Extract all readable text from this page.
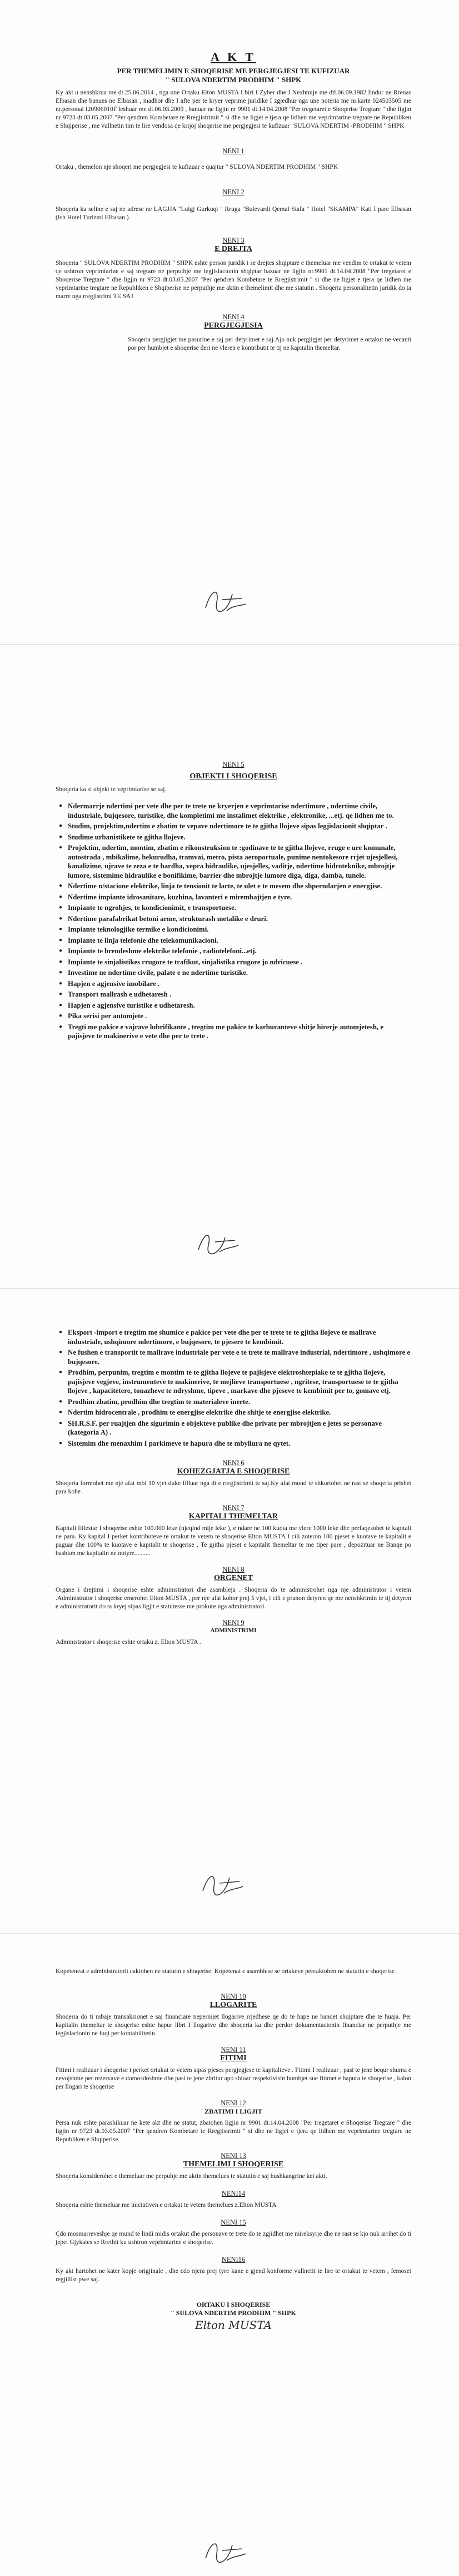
A K T
PER THEMELIMIN E SHOQERISE ME PERGJEGJESI TE KUFIZUAR
" SULOVA NDERTIM PRODHIM " SHPK

Ky akt u nenshkrua me dt.25.06.2014 , nga une Ortaku Elton MUSTA I biri I Zyber dhe I Nexhmije me dtl.06.09.1982 lindur ne Rrenas Elbasan dhe banues ne Elbasan , madhor dhe I afte per te kryer veprime juridike I zgjedhur nga une noteria me nr.karte 024503505 me nr.personal I20906010F leshuar me dt.06.03.2009 , banuar ne ligjin nr 9901 dt.14.04.2008 "Per tregetaret e Shoqerise Tregtare " dhe ligjin nr 9723 dt.03.05.2007 "Per qendren Kombetare te Rregjistrimit " si dhe ne ligjet e tjera qe lidhen me veprimtarine tregtare ne Republiken e Shqiperise , me vullnetin tim te lire vendosa qe krijoj shoqerise me pergjegjesi te kufizuar "SULOVA NDERTIM -PRODHIM " SHPK

NENI 1

Ortaku , themelon nje shoqeri me pergjegjesi te kufizuar e quajtur " SULOVA NDERTIM PRODHIM " SHPK

NENI 2

Shoqeria ka seline e saj ne adrese ne LAGJJA "Luigj Gurkuqi " Rruga "Bulevardi Qemal Stafa " Hotel "SKAMPA" Kati I pare Elbasan (Ish Hotel Turizmi Elbasan ).

NENI 3
E DREJTA

Shoqeria " SULOVA NDERTIM PRODHIM " SHPK eshte person juridik i se drejtes shqiptare e themeluar me vendim te ortakut te vetem qe ushtron veprimtarine e saj tregtare ne perputhje me legjislacionin shqiptar bazuar ne ligjin nr.9901 dt.14.04.2008 "Per tregetaret e Shoqerise Tregtare " dhe ligjin nr 9723 dt.03.05.2007 "Per qendren Kombetare te Rregjistrimit " si dhe ne ligjet e tjera qe lidhen me veprimtarine tregtare ne Republiken e Shqiperise ne perputhje me aktin e themelimit dhe me statutin . Shoqeria personalitetin juridik do ta marre nga rregjistrimi TE SAJ

NENI 4
PERGJEGJESIA

Shoqeria pergjigjet me pasurine e saj per detyrimet e saj.Ajo nuk pergjigjet per detyrimet e ortakut ne vecanti por per humbjet e shoqerise deri ne vleren e kontributit te tij ne kapitalin themeltar.

NENI 5
OBJEKTI I SHOQERISE

Shoqeria ka si objekt te veprimtarise se saj.

● Ndermarrje ndertimi per vete dhe per te trete ne kryerjen e veprimtarise ndertimore , ndertime civile, industriale, bujqesore, turistike, dhe kompletimi me instalimet elektrike , elektronike, ...etj. qe lidhen me to.
● Studim, projektim,ndertim e zbatim te vepave ndertimore te te gjitha llojeve sipas legjislacionit shqiptar .
● Studime urbanistikete te gjitha llojeve.
● Projektim, ndertim, montim, zbatim e rikonstruksion te :godinave te te gjitha llojeve, rruge e ure komunale, autostrada , mbikalime, hekurudha, tramvai, metro, pista aeroportuale, punime nentokesore rrjet ujesjellesi, kanalizime, ujrave te zeza e te bardha, vepra hidraulike, ujesjelles, vaditje, ndertime hidroteknike, mbrojtje lumore, sistemime hidraulike e bonifikime, barrier dhe mbrojtje lumore diga, diga, damba, tunele.
● Ndertime n/stacione elektrike, linja te tensionit te larte, te ulet e te mesem dhe shperndarjen e energjise.
● Ndertime impiante idrosanitare, kuzhina, lavanteri e mirembajtjen e tyre.
● Impiante te ngrohjes, te kondicionimit, e transportuese.
● Ndertime parafabrikat betoni arme, strukturash metalike e druri.
● Impiante teknologjike termike e kondicionimi.
● Impiante te linja telefonie dhe telekomunikacioni.
● Impiante te brendeshme elektrike telefonie , radiotelefoni...etj.
● Impiante te sinjalistikes rrugore te trafikut, sinjalistika rrugore jo ndricuese .
● Investime ne ndertime civile, palate e ne ndertime turistike.
● Hapjen e agjensive imobilare .
● Transport mallrash e udhetaresh .
● Hapjen e agjensive turistike e udhetaresh.
● Pika serisi per automjete .
● Tregti me pakice e vajrave lubrifikante , tregtim me pakice te karburanteve shitje hirerje automjetesh, e pajisjeve te makinerive e vete dhe per te trete .
● Eksport -import e tregtim me shumice e pakice per vete dhe per te trete te te gjitha llojeve te mallrave industriale, ushqimore ndertimore, e bujqesore, te pjesere te kembimit.
● Ne fushen e transportit te mallrave industriale per vete e te trete te mallrave industrial, ndertimore , ushqimore e bujqesore.
● Prodhim, perpunim, tregtim e montim te te gjitha llojeve te pajisjeve elektroshtepiake te te gjitha llojeve, pajisjeve vegjeve, instrumenteve te makinerive, te mejlieve transportuese , ngritese, transportuese te te gjitha llojeve , kapacitetere, tonazheve te ndryshme, tipeve , markave dhe pjeseve te kembimit per to, gomave etj.
● Prodhim zbatim, prodhim dhe tregtim te materialeve inerte.
● Ndertim hidrocentrale , prodhim te energjise elektrike dhe shitje te energjise elektrike.
● SH.R.S.F. per ruajtjen dhe sigurimin e objekteve publike dhe private per mbrojtjen e jetes se personave (kategoria A) .
● Sistemim dhe menaxhim I parkimeve te hapura dhe te mbyllura ne qytet.
NENI 6
KOHEZGJATJA E SHOQERISE

Shoqeria formohet me nje afat mbi 10 vjet duke filluar nga dt e rregjistrimit te saj.Ky afat mund te shkurtohet ne rast se shoqeria prishet para kohe .

NENI 7
KAPITALI THEMELTAR

Kapitali fillestar I shoqerise eshte 100.000 leke (njeqind mije leke ), e ndare ne 100 kuota me vlere 1000 leke dhe perfaqesohet te kapitali ne para. Ky kapital I perket kontributeve te ortakut te vetem te shoqerise Elton MUSTA I cili zoteron 100 pjeset e kuotave te kapitalit e paguar dhe 100% te kuotave e kapitalit te shoqerise . Te gjitha pjeset e kapitalit themeltar te me tiper pare , depozituar ne Banqe po bashkm me kapitalin ne notyre..........

NENI 8
ORGENET

Organe i drejtimi i shoqerise eshte administratori dhe asambleja . Shoqeria do te administrohet nga nje administrator i vetem .Administrator i shoqerise emerohet Elton MUSTA , per nje afat kohor prej 5 vjet, i cili e pranon detyren qe me nenshkrimin te tij detyren e administratorit do ta kryej sipas ligjit e statutesse me prokure nga administratori.

NENI 9
ADMINISTRIMI

Administrator i shoqerise eshte ortaku z. Elton MUSTA .

Kopeteneat e administratorit caktohen ne statutin e shoqerise. Kopetenat e asamblese se ortakeve percaktohen ne statutin e shoqerise .

NENI 10
LLOGARITE

Shoqeria do ti mbaje transaksionet e saj financiare nepermjet llogarive rrjedhese qe do te hape ne banqet shqiptare dhe te huaja. Per kapitalin themeltar te shoqerise eshte hapur llbri I llogarive dhe shoqeria ka dhe perdor dokumentacionin financiar ne perputhje me legjislacionin ne fuqi per kontabilitetin.

NENI 11
FITIMI

Fitimi i realizuar i shoqerise i perket ortakut te vetem sipas pjeses pergjegjese te kapitalieve . Fitimi I realizuar , pasi te jene bequr shuma e nevojshme per rezervave e domosdoshme dhe pasi te jene zbritur apo shluar respektivisht humbjet sue fitimet e hapura te shoqerise , kalon per llogari te shoqerise

NENI 12
ZBATIMI I LIGJIT

Persa nuk eshte parashikuar ne kete akt dhe ne statut, zbatohen ligjin nr 9901 dt.14.04.2008 "Per tregetaret e Shoqerise Tregtare " dhe ligjin nr 9723 dt.03.05.2007 "Per qendren Kombetare te Rregjistrimit " si dhe ne ligjet e tjera qe lidhen me veprimtarine tregtare ne Republiken e Shqiperise.

NENI 13
THEMELIMI I SHOQERISE

Shoqeria konsiderohet e themeluar me perpuhje me aktin themelues te statutin e saj hushkangrine kei akti.

NENI14

Shoqeria eshte themeluar me iniciativen e ortakut te vetem themelues z.Elton MUSTA

NENI 15

Çdo mosmarreveshje qe mund te lindi midis ortakut dhe personave te trete do te zgjidhet me mireksyrje dhe ne rast se kjo nuk arrihet do ti jepet Gjykates se Rrethit ku ushtron veprimtarine e shoqerise.

NENI16

Ky akt hartohet ne kater kopje origjinale , dhe cdo njera prej tyre kane e gjend konforme vullnetit te lire te ortakut te vetem , femoset regjillist pwe saj.

ORTAKU I SHOQERISE
" SULOVA NDERTIM PRODHIM " SHPK
Elton MUSTA
